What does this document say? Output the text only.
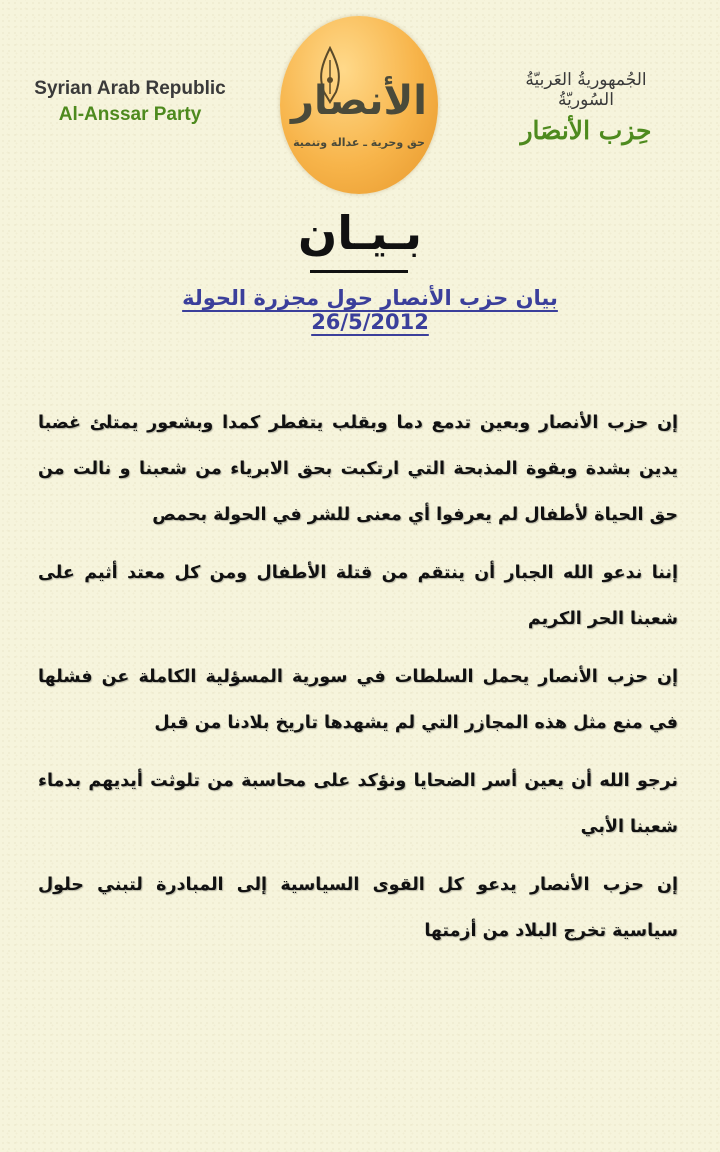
Syrian Arab Republic
Al-Anssar Party	الأنصار
حق وحرية ـ عدالة وتنمية
الجُمهوريةُ العَربيّةُ السُوريّةُ
حِزب الأنصَار
بـيـان
بيان حزب الأنصار حول مجزرة الحولة 26/5/2012

إن حزب الأنصار وبعين تدمع دما وبقلب يتفطر كمدا وبشعور يمتلئ غضبا يدين بشدة وبقوة المذبحة التي ارتكبت بحق الابرياء من شعبنا و نالت من حق الحياة لأطفال لم يعرفوا أي معنى للشر في الحولة بحمص

إننا ندعو الله الجبار أن ينتقم من قتلة الأطفال ومن كل معتد أثيم على شعبنا الحر الكريم

إن حزب الأنصار يحمل السلطات في سورية المسؤلية الكاملة عن فشلها في منع مثل هذه المجازر التي لم يشهدها تاريخ بلادنا من قبل

نرجو الله أن يعين أسر الضحايا ونؤكد على محاسبة من تلوثت أيديهم بدماء شعبنا الأبي

إن حزب الأنصار يدعو كل القوى السياسية إلى المبادرة لتبني حلول سياسية تخرج البلاد من أزمتها
